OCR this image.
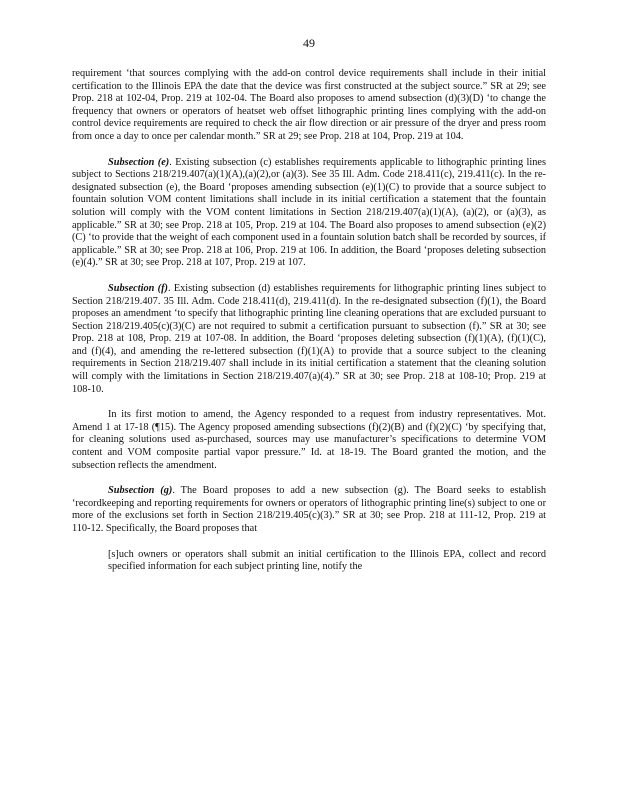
49

requirement ‘that sources complying with the add-on control device requirements shall include in their initial certification to the Illinois EPA the date that the device was first constructed at the subject source.” SR at 29; see Prop. 218 at 102-04, Prop. 219 at 102-04. The Board also proposes to amend subsection (d)(3)(D) ‘to change the frequency that owners or operators of heatset web offset lithographic printing lines complying with the add-on control device requirements are required to check the air flow direction or air pressure of the dryer and press room from once a day to once per calendar month.” SR at 29; see Prop. 218 at 104, Prop. 219 at 104.

Subsection (e). Existing subsection (c) establishes requirements applicable to lithographic printing lines subject to Sections 218/219.407(a)(1)(A),(a)(2),or (a)(3). See 35 Ill. Adm. Code 218.411(c), 219.411(c). In the re-designated subsection (e), the Board ‘proposes amending subsection (e)(1)(C) to provide that a source subject to fountain solution VOM content limitations shall include in its initial certification a statement that the fountain solution will comply with the VOM content limitations in Section 218/219.407(a)(1)(A), (a)(2), or (a)(3), as applicable.” SR at 30; see Prop. 218 at 105, Prop. 219 at 104. The Board also proposes to amend subsection (e)(2)(C) ‘to provide that the weight of each component used in a fountain solution batch shall be recorded by sources, if applicable.” SR at 30; see Prop. 218 at 106, Prop. 219 at 106. In addition, the Board ‘proposes deleting subsection (e)(4).” SR at 30; see Prop. 218 at 107, Prop. 219 at 107.

Subsection (f). Existing subsection (d) establishes requirements for lithographic printing lines subject to Section 218/219.407. 35 Ill. Adm. Code 218.411(d), 219.411(d). In the re-designated subsection (f)(1), the Board proposes an amendment ‘to specify that lithographic printing line cleaning operations that are excluded pursuant to Section 218/219.405(c)(3)(C) are not required to submit a certification pursuant to subsection (f).” SR at 30; see Prop. 218 at 108, Prop. 219 at 107-08. In addition, the Board ‘proposes deleting subsection (f)(1)(A), (f)(1)(C), and (f)(4), and amending the re-lettered subsection (f)(1)(A) to provide that a source subject to the cleaning requirements in Section 218/219.407 shall include in its initial certification a statement that the cleaning solution will comply with the limitations in Section 218/219.407(a)(4).” SR at 30; see Prop. 218 at 108-10; Prop. 219 at 108-10.

In its first motion to amend, the Agency responded to a request from industry representatives. Mot. Amend 1 at 17-18 (¶15). The Agency proposed amending subsections (f)(2)(B) and (f)(2)(C) ‘by specifying that, for cleaning solutions used as-purchased, sources may use manufacturer’s specifications to determine VOM content and VOM composite partial vapor pressure.” Id. at 18-19. The Board granted the motion, and the subsection reflects the amendment.

Subsection (g). The Board proposes to add a new subsection (g). The Board seeks to establish ‘recordkeeping and reporting requirements for owners or operators of lithographic printing line(s) subject to one or more of the exclusions set forth in Section 218/219.405(c)(3).” SR at 30; see Prop. 218 at 111-12, Prop. 219 at 110-12. Specifically, the Board proposes that

[s]uch owners or operators shall submit an initial certification to the Illinois EPA, collect and record specified information for each subject printing line, notify the
